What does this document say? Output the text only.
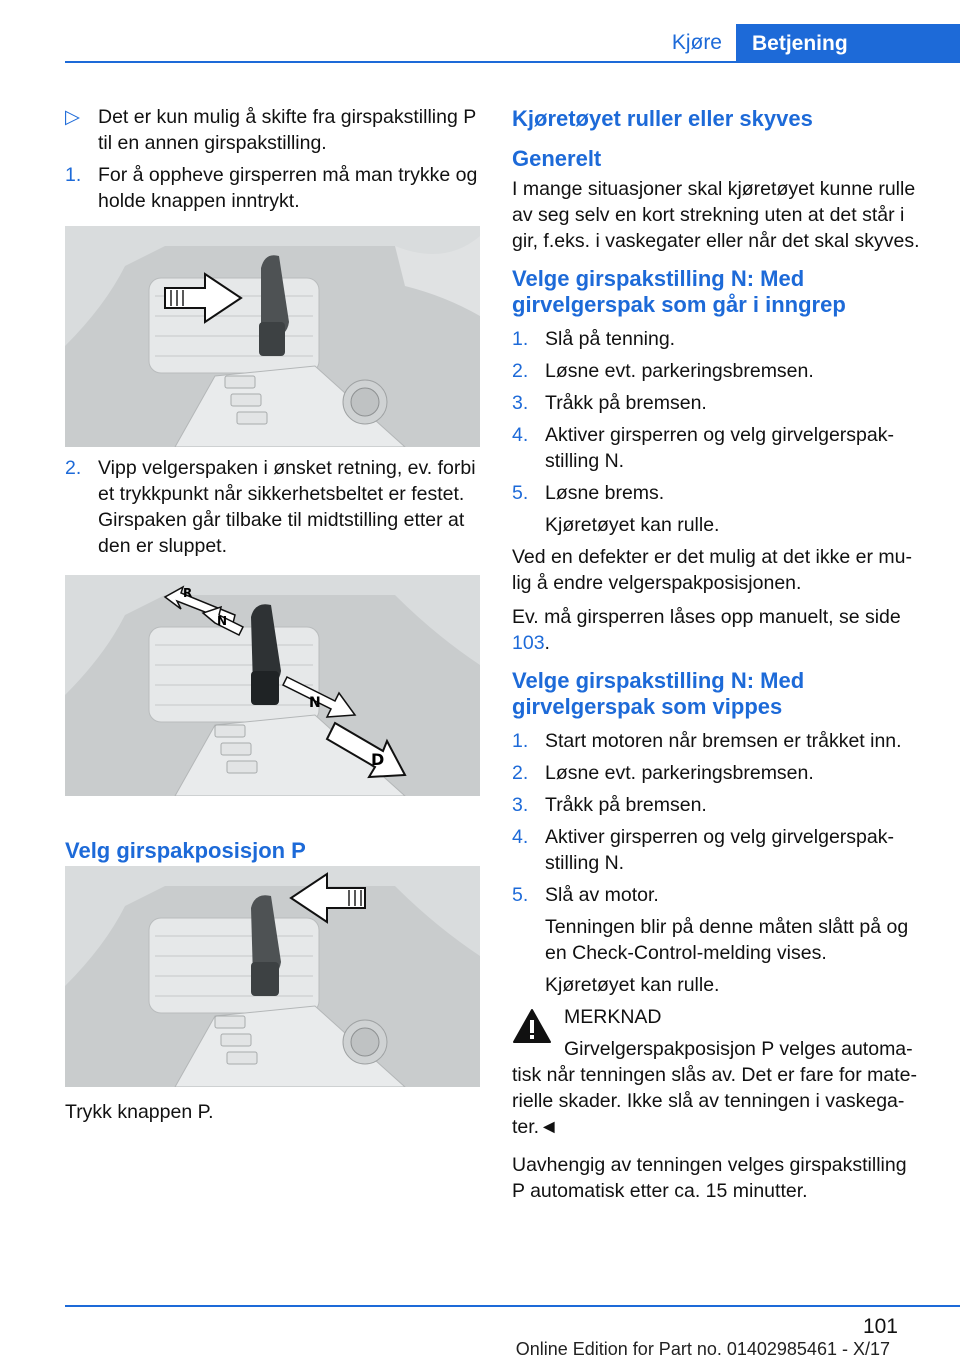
Kjøre	Betjening
▷ Det er kun mulig å skifte fra girspakstilling P til en annen girspakstilling.
1. For å oppheve girsperren må man trykke og holde knappen inntrykt.
2. Vipp velgerspaken i ønsket retning, ev. forbi et trykkpunkt når sikkerhetsbeltet er festet. Girspaken går tilbake til midtstilling etter at den er sluppet.
R
N
N
D
Velg girspakposisjon P
Trykk knappen P.
Kjøretøyet ruller eller skyves
Generelt
I mange situasjoner skal kjøretøyet kunne rulle av seg selv en kort strekning uten at det står i gir, f.eks. i vaskegater eller når det skal skyves.
Velge girspakstilling N: Med girvelgerspak som går i inngrep
1. Slå på tenning.
2. Løsne evt. parkeringsbremsen.
3. Tråkk på bremsen.
4. Aktiver girsperren og velg girvelgerspak-stilling N.
5. Løsne brems.
Kjøretøyet kan rulle.
Ved en defekter er det mulig at det ikke er mu-lig å endre velgerspakposisjonen.
Ev. må girsperren låses opp manuelt, se side 103.
Velge girspakstilling N: Med girvelgerspak som vippes
1. Start motoren når bremsen er tråkket inn.
2. Løsne evt. parkeringsbremsen.
3. Tråkk på bremsen.
4. Aktiver girsperren og velg girvelgerspak-stilling N.
5. Slå av motor.
Tenningen blir på denne måten slått på og en Check-Control-melding vises.
Kjøretøyet kan rulle.
MERKNAD
Girvelgerspakposisjon P velges automa-
tisk når tenningen slås av. Det er fare for mate-rielle skader. Ikke slå av tenningen i vaskega-ter.◄
Uavhengig av tenningen velges girspakstilling P automatisk etter ca. 15 minutter.
101
Online Edition for Part no. 01402985461 - X/17
